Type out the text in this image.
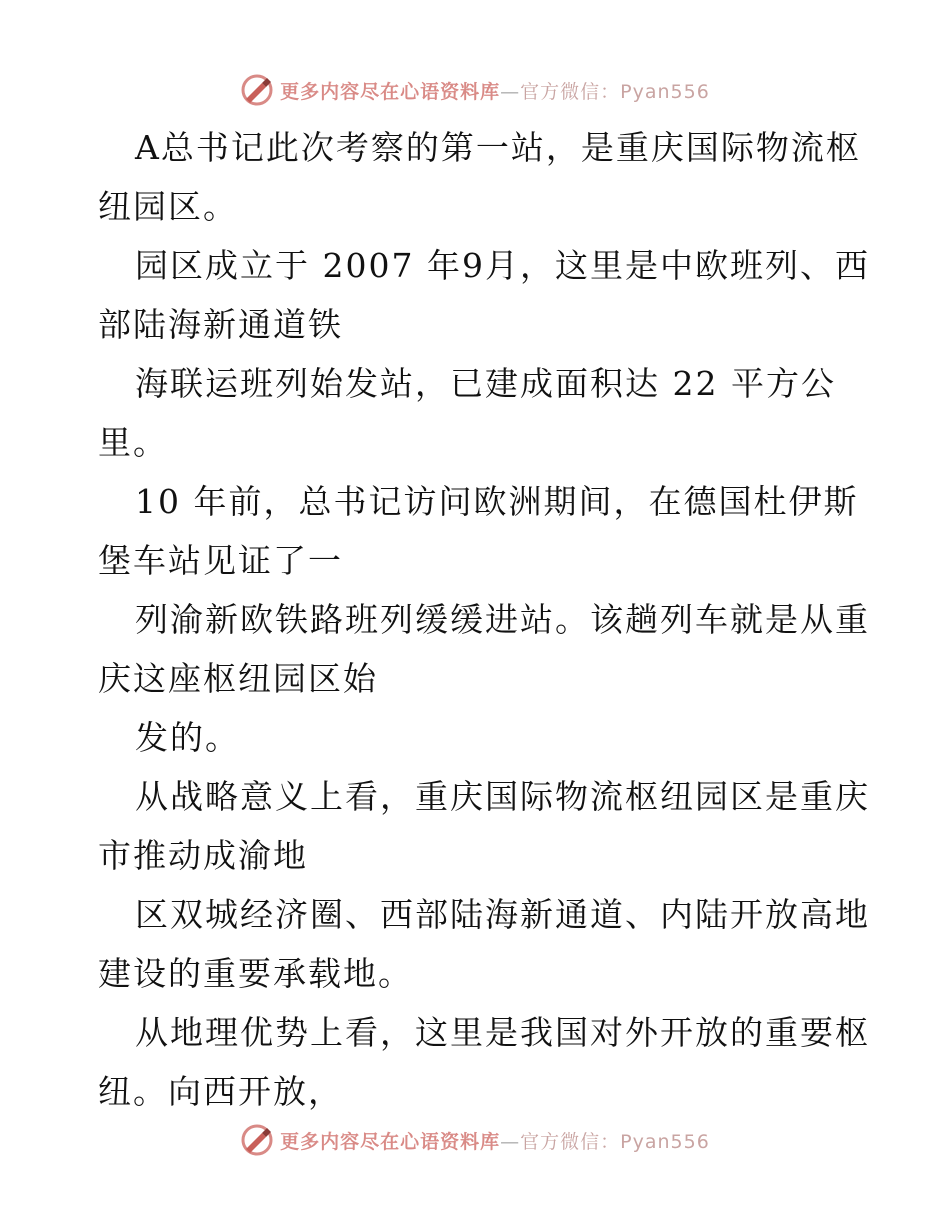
更多内容尽在心语资料库—官方微信：Pyan556

A总书记此次考察的第一站，是重庆国际物流枢
纽园区。

园区成立于 2007 年9月，这里是中欧班列、西
部陆海新通道铁

海联运班列始发站，已建成面积达 22 平方公
里。

10 年前，总书记访问欧洲期间，在德国杜伊斯
堡车站见证了一

列渝新欧铁路班列缓缓进站。该趟列车就是从重
庆这座枢纽园区始

发的。

从战略意义上看，重庆国际物流枢纽园区是重庆
市推动成渝地

区双城经济圈、西部陆海新通道、内陆开放高地
建设的重要承载地。

从地理优势上看，这里是我国对外开放的重要枢
纽。向西开放，

更多内容尽在心语资料库—官方微信：Pyan556
